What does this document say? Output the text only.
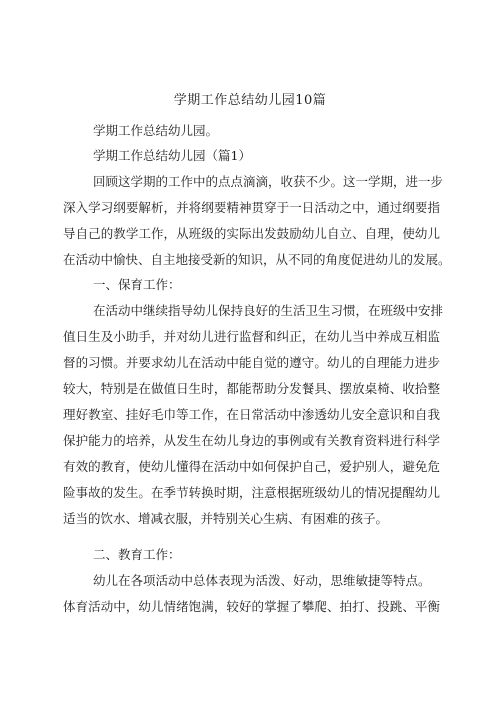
学期工作总结幼儿园10篇
学期工作总结幼儿园。
学期工作总结幼儿园（篇1）
回顾这学期的工作中的点点滴滴，收获不少。这一学期，进一步
深入学习纲要解析，并将纲要精神贯穿于一日活动之中，通过纲要指
导自己的教学工作，从班级的实际出发鼓励幼儿自立、自理，使幼儿
在活动中愉快、自主地接受新的知识，从不同的角度促进幼儿的发展。
一、保育工作：
在活动中继续指导幼儿保持良好的生活卫生习惯，在班级中安排
值日生及小助手，并对幼儿进行监督和纠正，在幼儿当中养成互相监
督的习惯。并要求幼儿在活动中能自觉的遵守。幼儿的自理能力进步
较大，特别是在做值日生时，都能帮助分发餐具、摆放桌椅、收拾整
理好教室、挂好毛巾等工作，在日常活动中渗透幼儿安全意识和自我
保护能力的培养，从发生在幼儿身边的事例或有关教育资料进行科学
有效的教育，使幼儿懂得在活动中如何保护自己，爱护别人，避免危
险事故的发生。在季节转换时期，注意根据班级幼儿的情况提醒幼儿
适当的饮水、增减衣服，并特别关心生病、有困难的孩子。
二、教育工作：
幼儿在各项活动中总体表现为活泼、好动，思维敏捷等特点。
体育活动中，幼儿情绪饱满，较好的掌握了攀爬、拍打、投跳、平衡
